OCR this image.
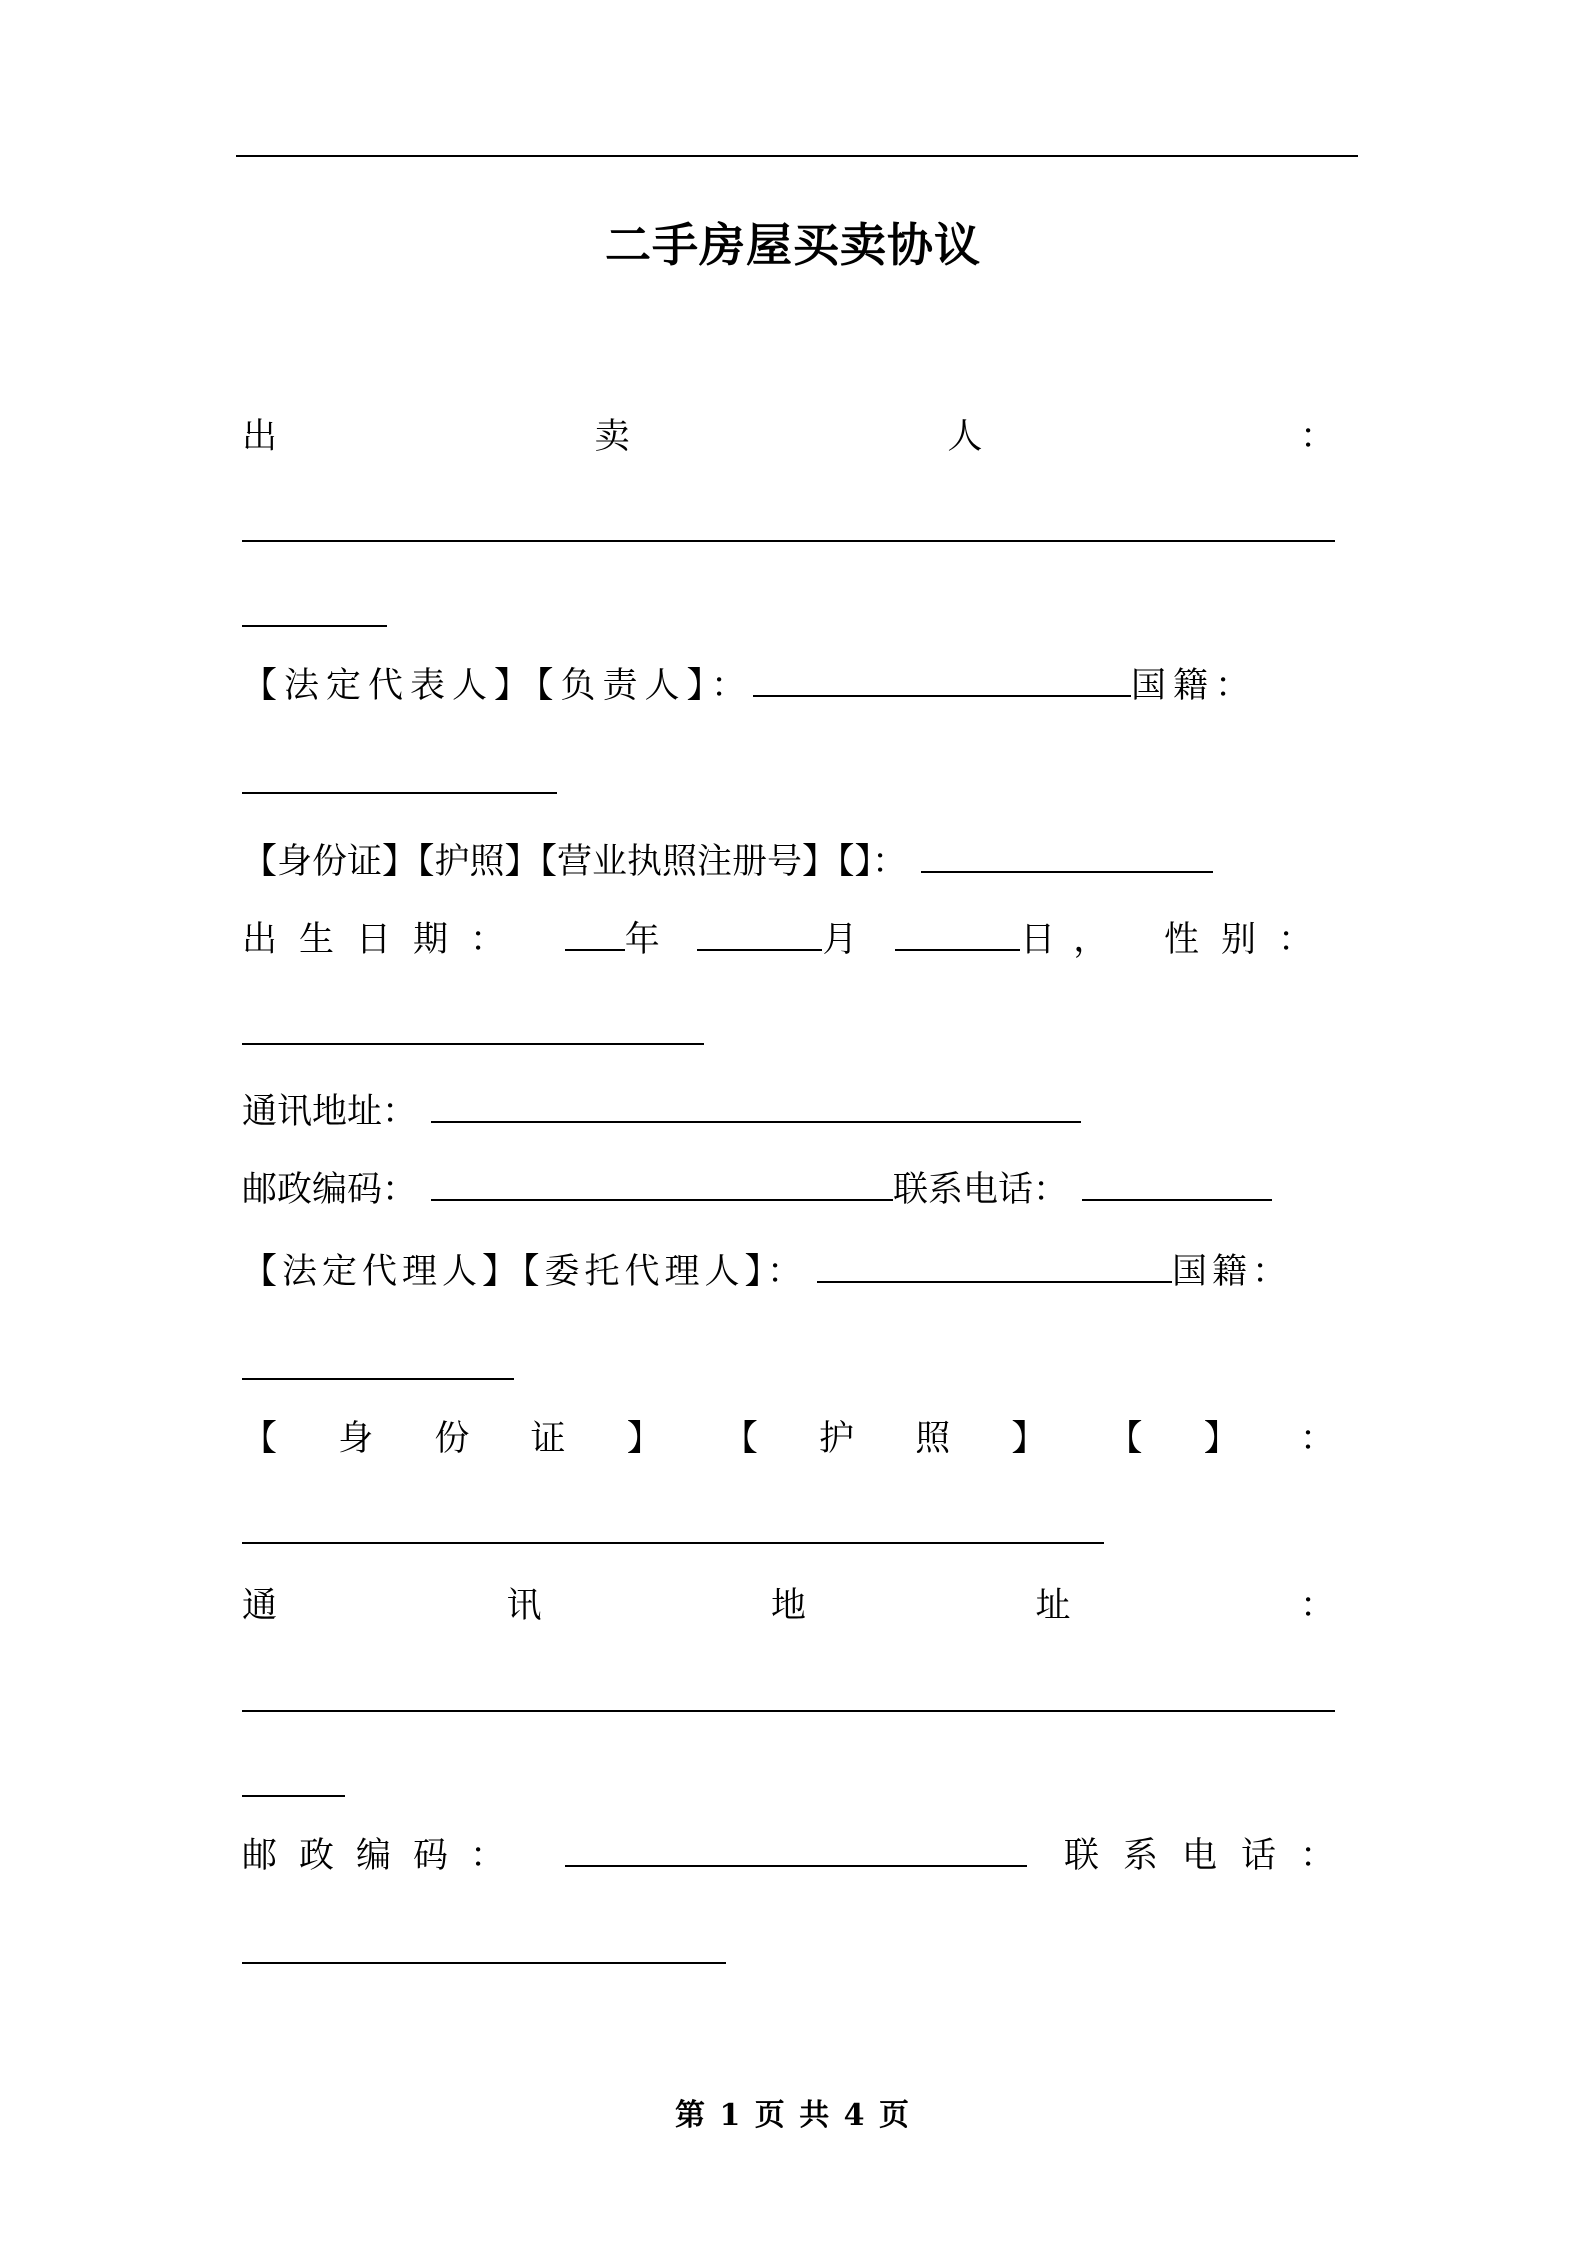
二手房屋买卖协议
出	卖	人	：
【法定代表人】【负责人】：	国籍：
【身份证】【护照】【营业执照注册号】【】：
出生日期：	年	月	日， 性别：
通讯地址：
邮政编码：	联系电话：
【法定代理人】【委托代理人】：	国籍：
【 身 份 证 】 【 护 照 】 【 】 ：
通	讯	地	址	：
邮政编码：	联系电话：
第 1 页 共 4 页
